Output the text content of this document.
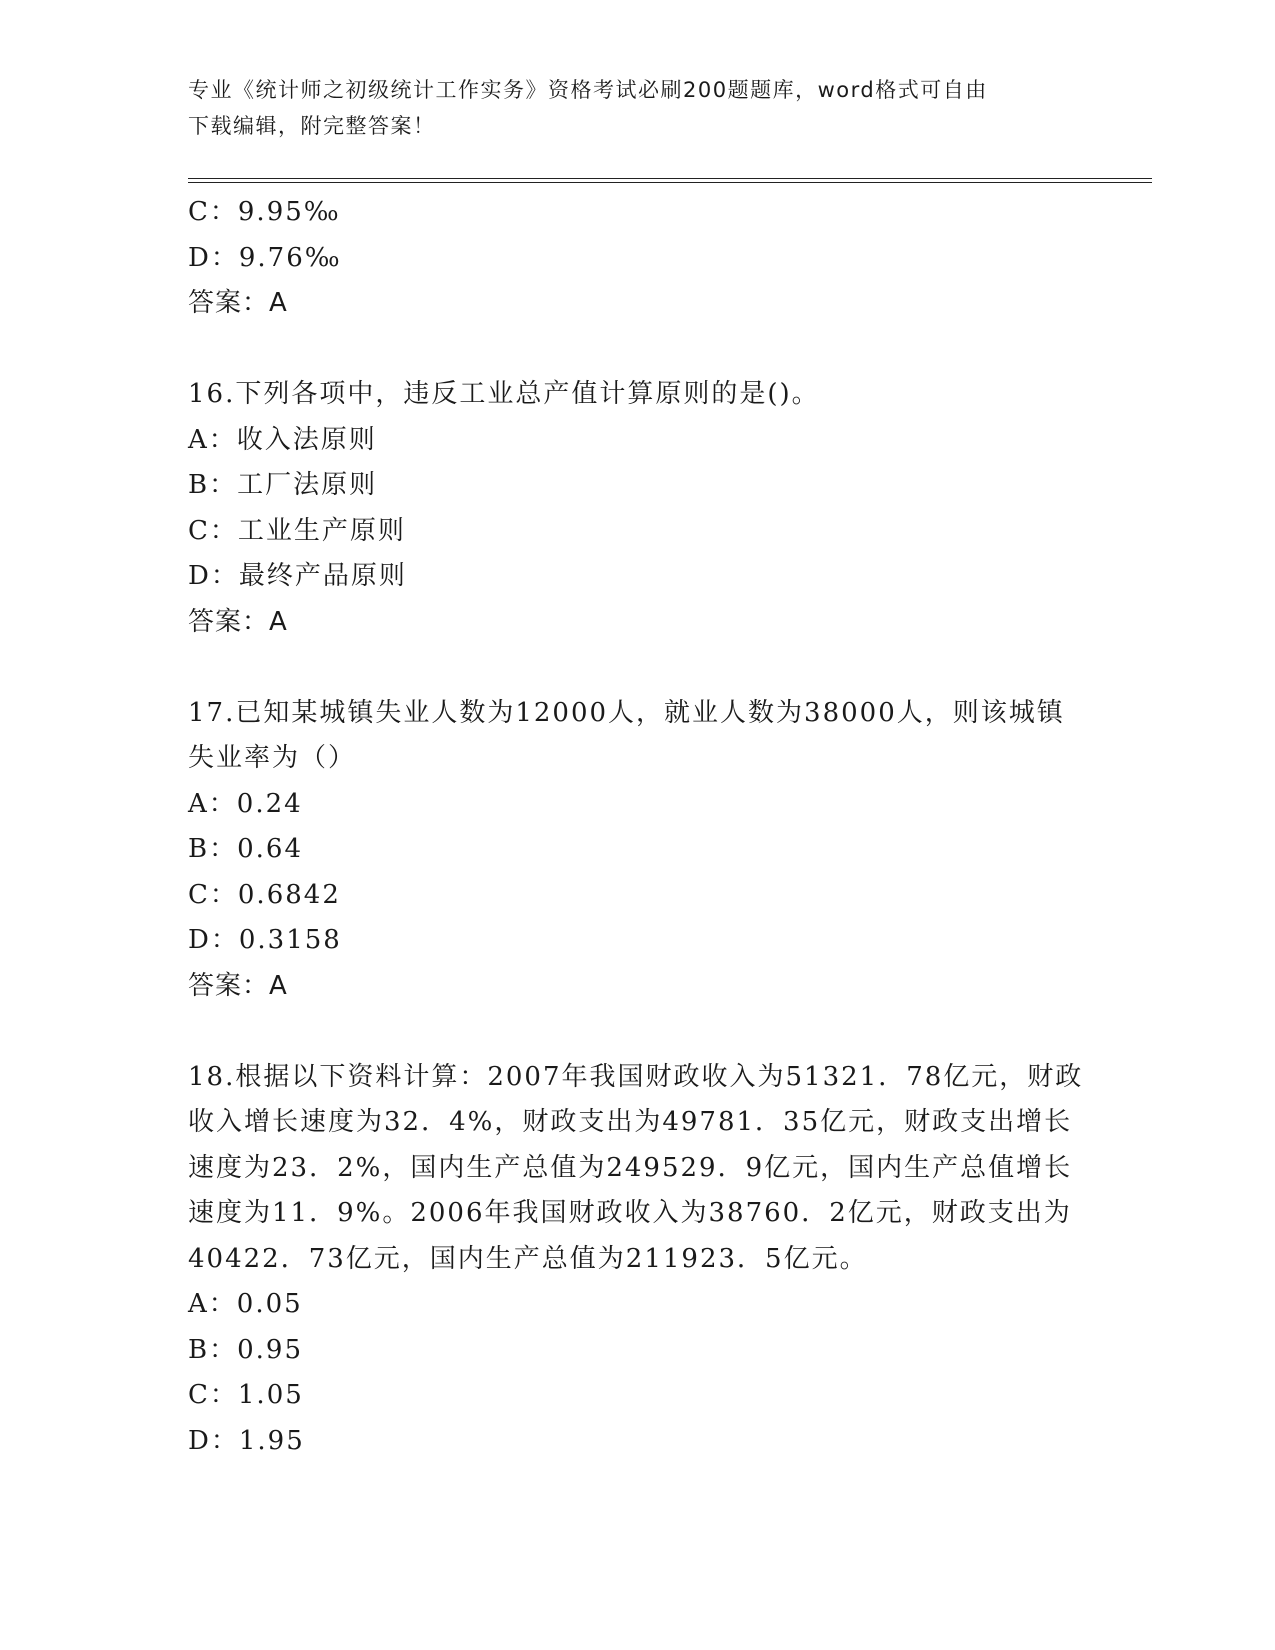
专业《统计师之初级统计工作实务》资格考试必刷200题题库，word格式可自由
下载编辑，附完整答案！
C：9.95‰
D：9.76‰
答案：A
16.下列各项中，违反工业总产值计算原则的是()。
A：收入法原则
B：工厂法原则
C：工业生产原则
D：最终产品原则
答案：A
17.已知某城镇失业人数为12000人，就业人数为38000人，则该城镇
失业率为（）
A：0.24
B：0.64
C：0.6842
D：0.3158
答案：A
18.根据以下资料计算：2007年我国财政收入为51321．78亿元，财政
收入增长速度为32．4%，财政支出为49781．35亿元，财政支出增长
速度为23．2%，国内生产总值为249529．9亿元，国内生产总值增长
速度为11．9%。2006年我国财政收入为38760．2亿元，财政支出为
40422．73亿元，国内生产总值为211923．5亿元。
A：0.05
B：0.95
C：1.05
D：1.95
